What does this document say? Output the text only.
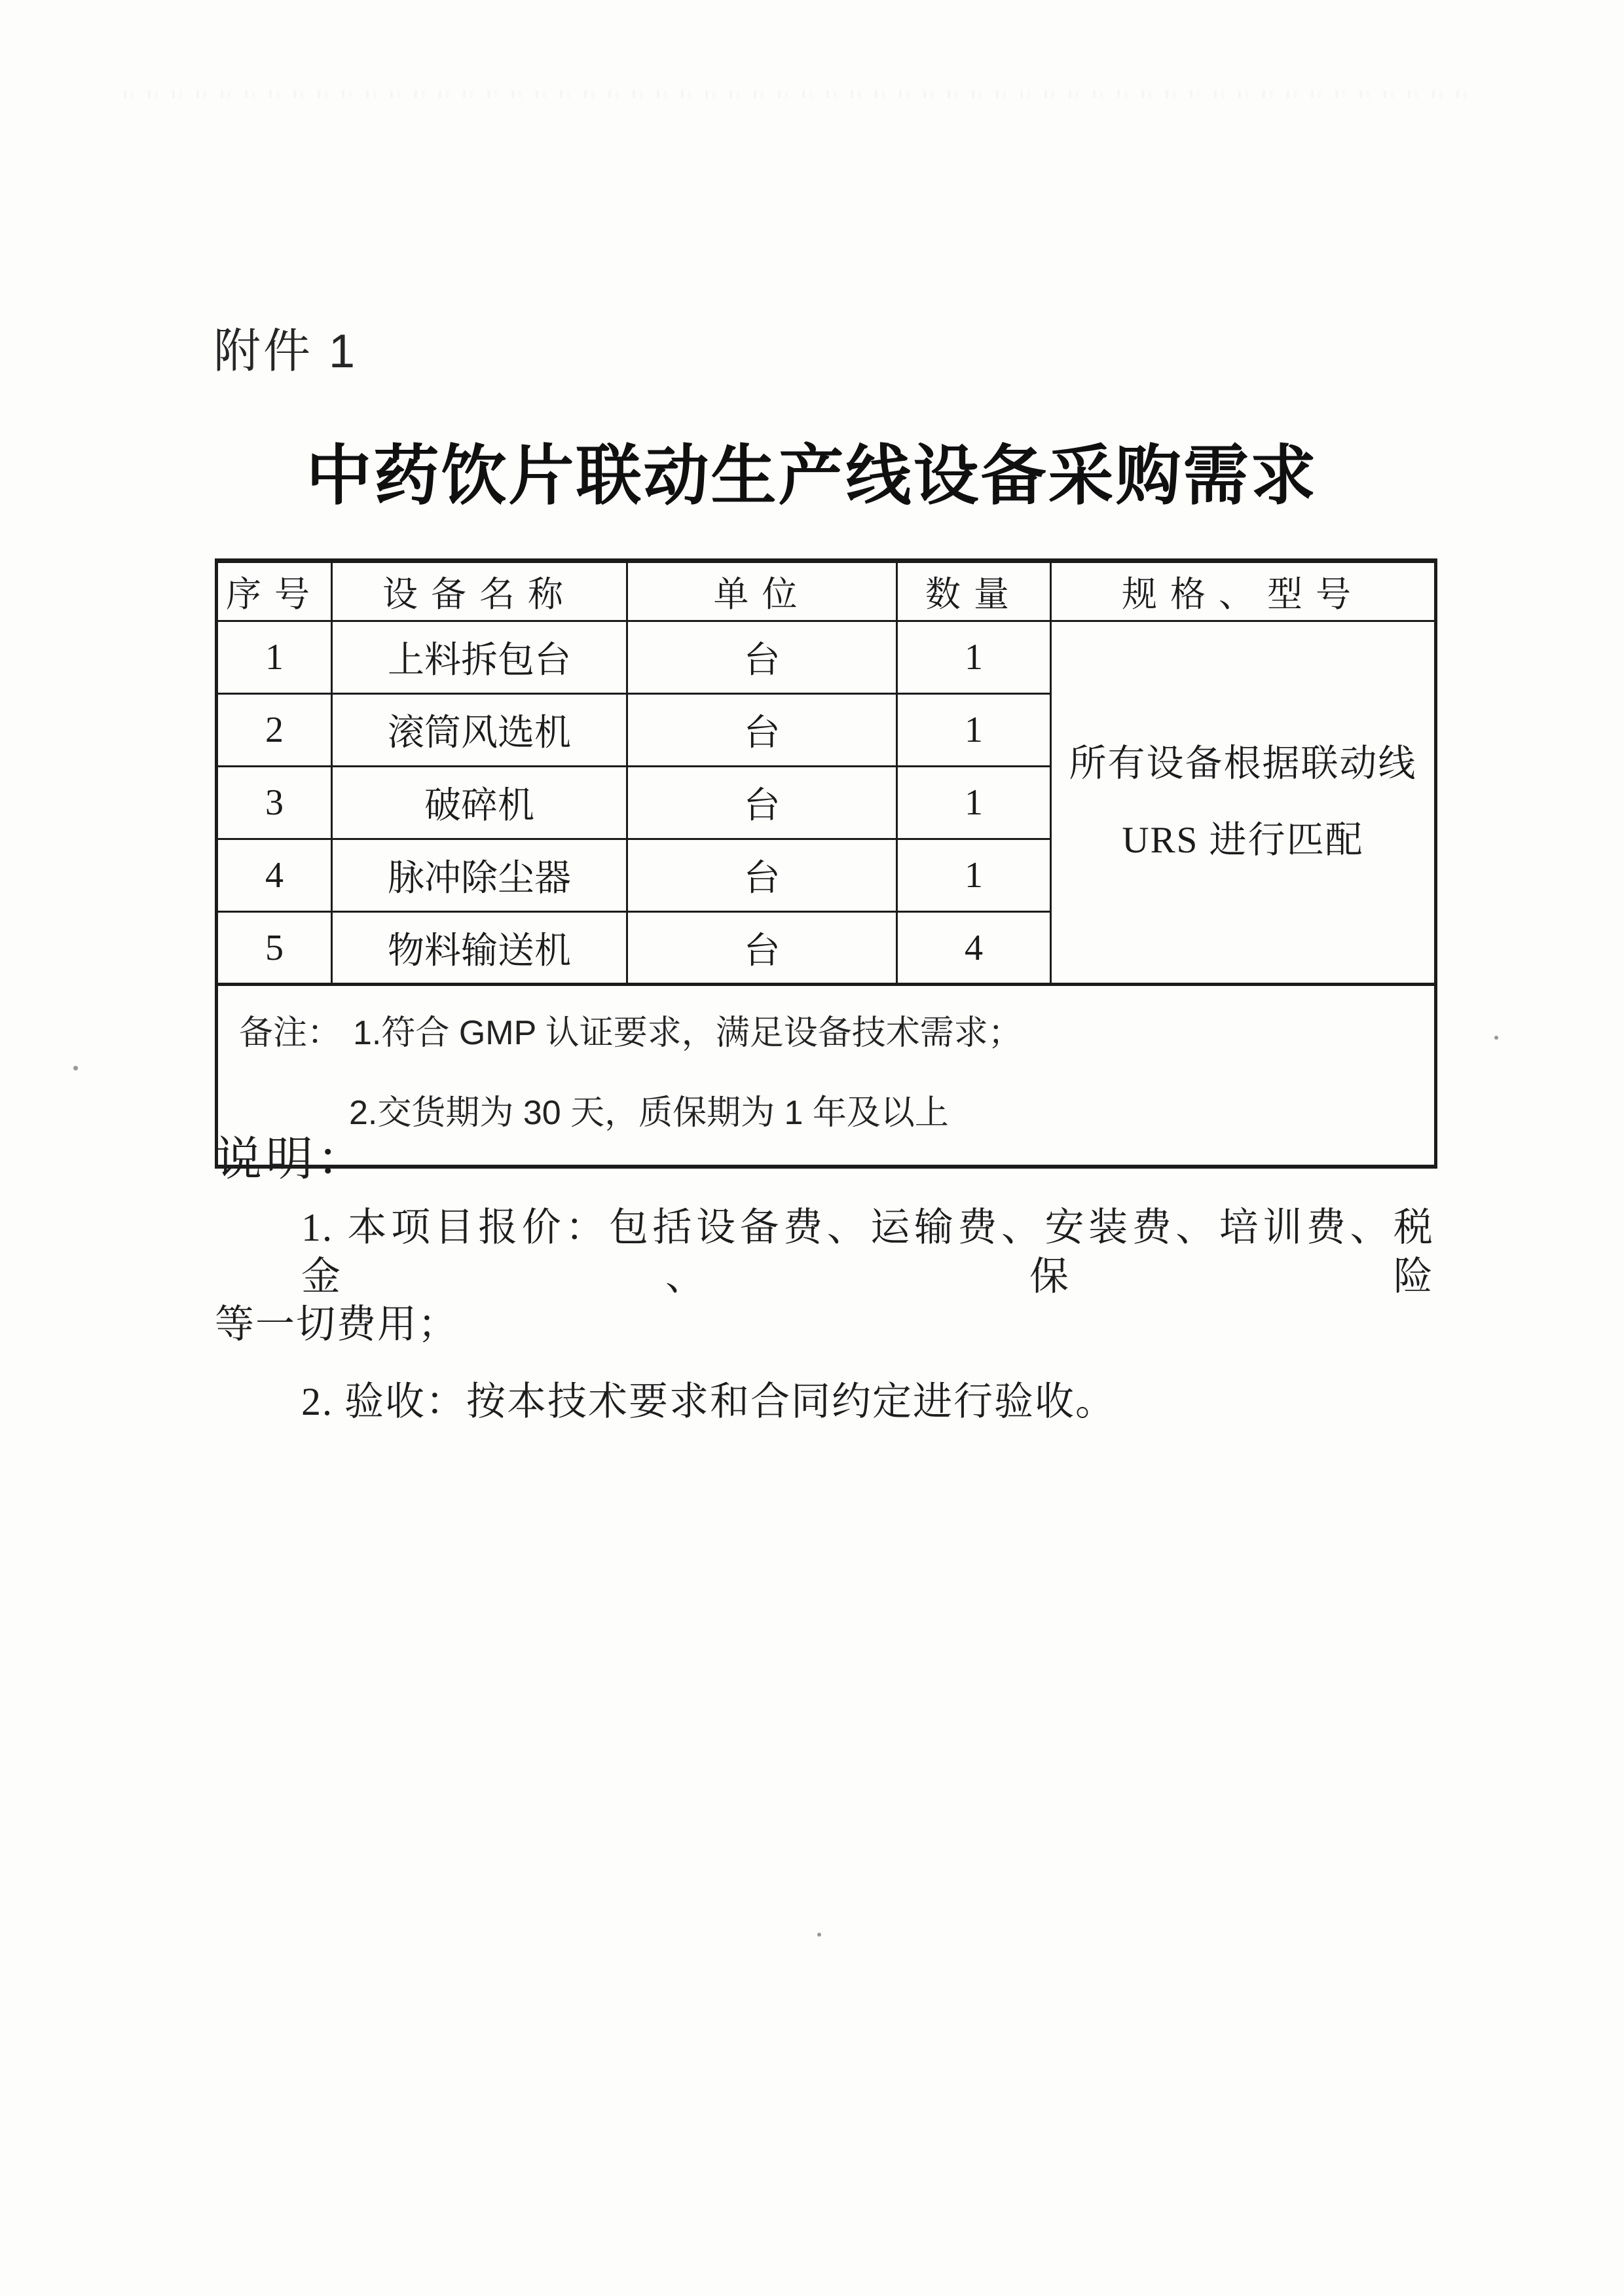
附件 1
中药饮片联动生产线设备采购需求
序号	设备名称	单位	数量	规格、型号
1	上料拆包台	台	1	所有设备根据联动线
URS 进行匹配

2	滚筒风选机	台	1	
3	破碎机	台	1	
4	脉冲除尘器	台	1	
5	物料输送机	台	4	

备注： 1.符合 GMP 认证要求，满足设备技术需求；
2.交货期为 30 天，质保期为 1 年及以上				
说明：
1. 本项目报价：包括设备费、运输费、安装费、培训费、税金、保险
等一切费用；
2. 验收：按本技术要求和合同约定进行验收。
